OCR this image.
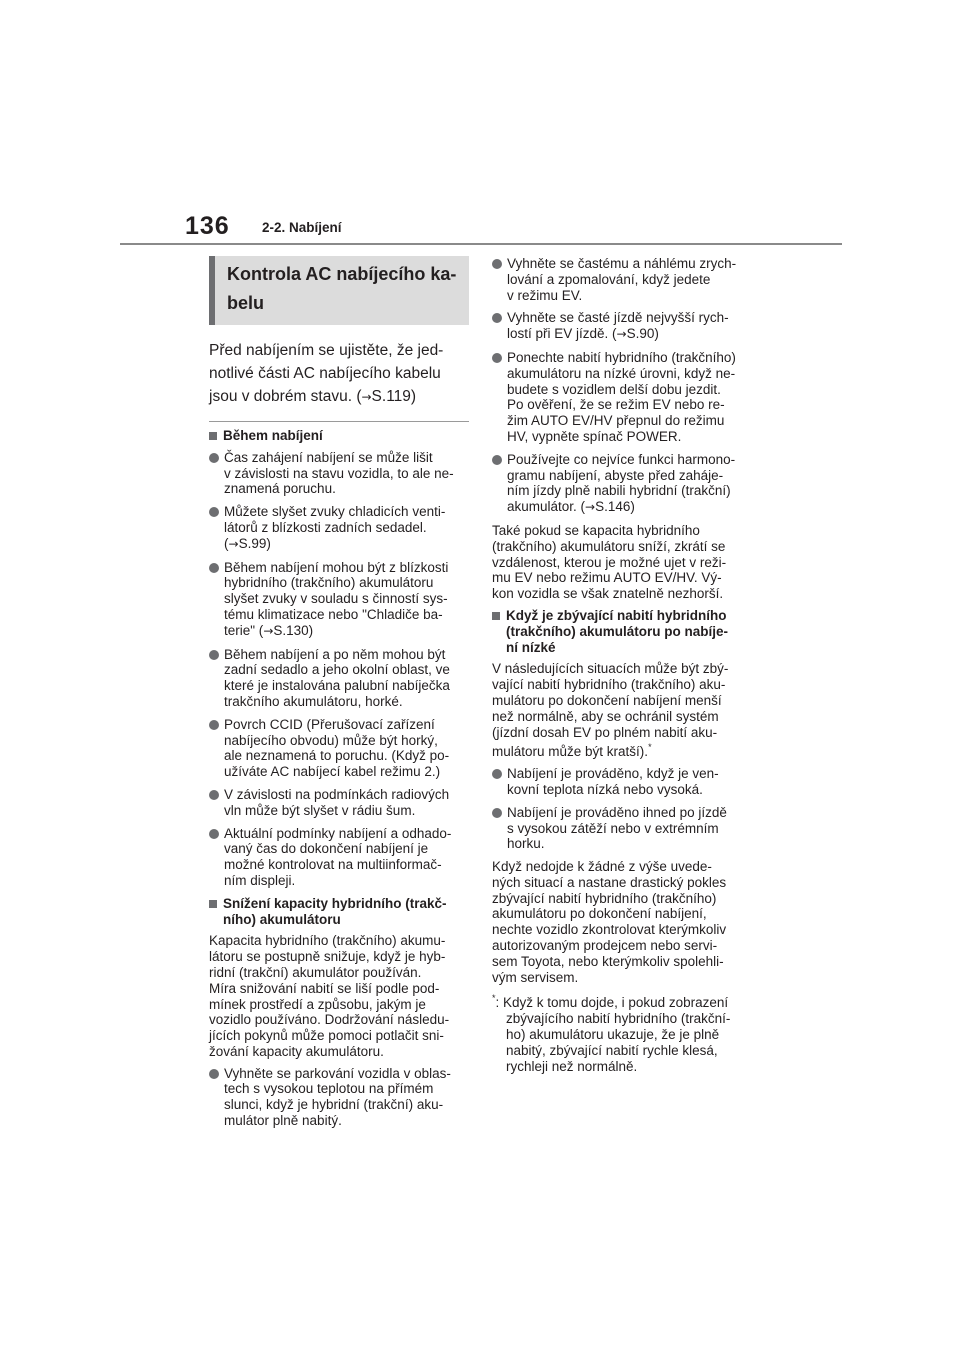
136 2-2. Nabíjení
Kontrola AC nabíjecího ka-
belu

Před nabíjením se ujistěte, že jed-
notlivé části AC nabíjecího kabelu
jsou v dobrém stavu. (→S.119)

Během nabíjení
Čas zahájení nabíjení se může lišit
v závislosti na stavu vozidla, to ale ne-
znamená poruchu.
Můžete slyšet zvuky chladicích venti-
látorů z blízkosti zadních sedadel.
(→S.99)
Během nabíjení mohou být z blízkosti
hybridního (trakčního) akumulátoru
slyšet zvuky v souladu s činností sys-
tému klimatizace nebo "Chladiče ba-
terie" (→S.130)
Během nabíjení a po něm mohou být
zadní sedadlo a jeho okolní oblast, ve
které je instalována palubní nabíječka
trakčního akumulátoru, horké.
Povrch CCID (Přerušovací zařízení
nabíjecího obvodu) může být horký,
ale neznamená to poruchu. (Když po-
užíváte AC nabíjecí kabel režimu 2.)
V závislosti na podmínkách radiových
vln může být slyšet v rádiu šum.
Aktuální podmínky nabíjení a odhado-
vaný čas do dokončení nabíjení je
možné kontrolovat na multiinformač-
ním displeji.
Snížení kapacity hybridního (trakč-
ního) akumulátoru
Kapacita hybridního (trakčního) akumu-
látoru se postupně snižuje, když je hyb-
ridní (trakční) akumulátor používán.
Míra snižování nabití se liší podle pod-
mínek prostředí a způsobu, jakým je
vozidlo používáno. Dodržování následu-
jících pokynů může pomoci potlačit sni-
žování kapacity akumulátoru.
Vyhněte se parkování vozidla v oblas-
tech s vysokou teplotou na přímém
slunci, když je hybridní (trakční) aku-
mulátor plně nabitý.
Vyhněte se častému a náhlému zrych-
lování a zpomalování, když jedete
v režimu EV.
Vyhněte se časté jízdě nejvyšší rych-
lostí při EV jízdě. (→S.90)
Ponechte nabití hybridního (trakčního)
akumulátoru na nízké úrovni, když ne-
budete s vozidlem delší dobu jezdit.
Po ověření, že se režim EV nebo re-
žim AUTO EV/HV přepnul do režimu
HV, vypněte spínač POWER.
Používejte co nejvíce funkci harmono-
gramu nabíjení, abyste před zaháje-
ním jízdy plně nabili hybridní (trakční)
akumulátor. (→S.146)
Také pokud se kapacita hybridního
(trakčního) akumulátoru sníží, zkrátí se
vzdálenost, kterou je možné ujet v reži-
mu EV nebo režimu AUTO EV/HV. Vý-
kon vozidla se však znatelně nezhorší.
Když je zbývající nabití hybridního
(trakčního) akumulátoru po nabíje-
ní nízké
V následujících situacích může být zbý-
vající nabití hybridního (trakčního) aku-
mulátoru po dokončení nabíjení menší
než normálně, aby se ochránil systém
(jízdní dosah EV po plném nabití aku-
mulátoru může být kratší).*
Nabíjení je prováděno, když je ven-
kovní teplota nízká nebo vysoká.
Nabíjení je prováděno ihned po jízdě
s vysokou zátěží nebo v extrémním
horku.
Když nedojde k žádné z výše uvede-
ných situací a nastane drastický pokles
zbývající nabití hybridního (trakčního)
akumulátoru po dokončení nabíjení,
nechte vozidlo zkontrolovat kterýmkoliv
autorizovaným prodejcem nebo servi-
sem Toyota, nebo kterýmkoliv spolehli-
vým servisem.
*: Když k tomu dojde, i pokud zobrazení
zbývajícího nabití hybridního (trakční-
ho) akumulátoru ukazuje, že je plně
nabitý, zbývající nabití rychle klesá,
rychleji než normálně.
